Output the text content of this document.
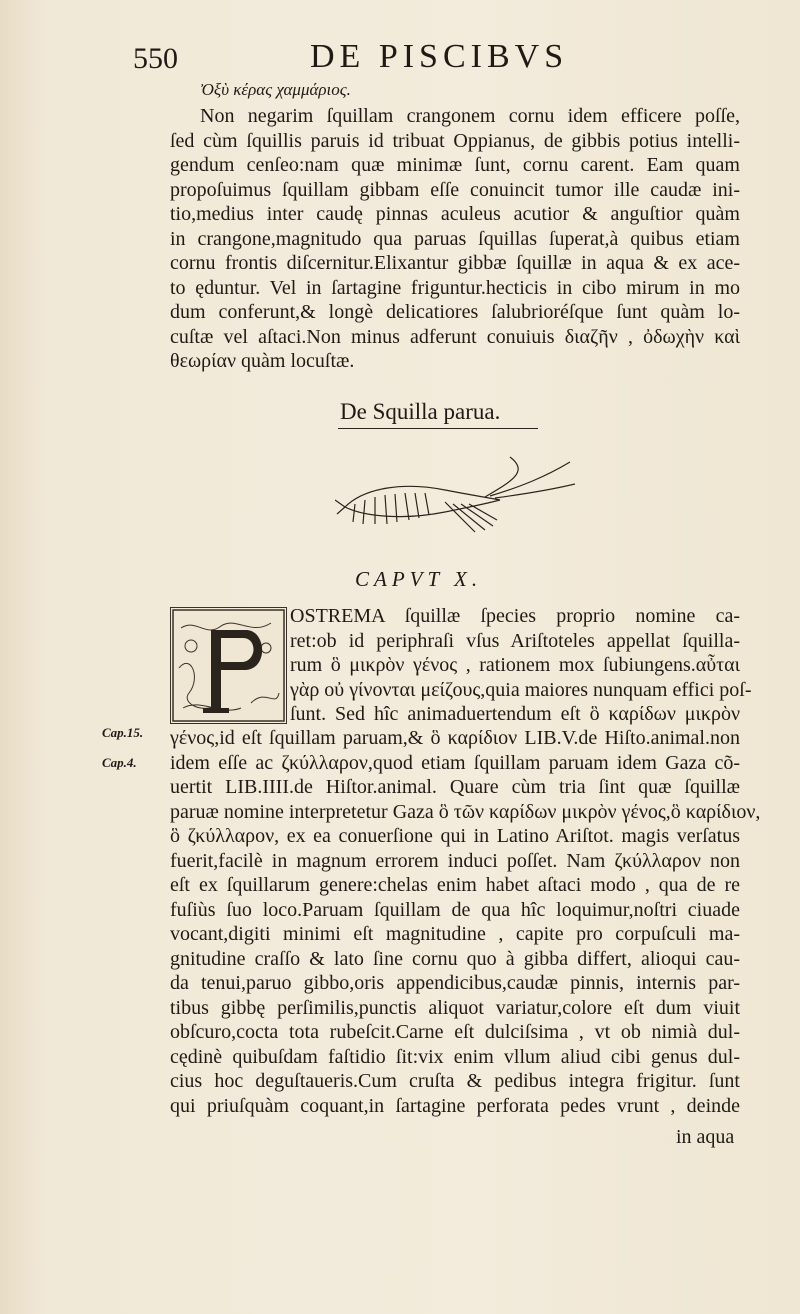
550	DE PISCIBVS
Ὀξὺ κέρας χαμμάριος.
Non negarim ſquillam crangonem cornu idem efficere poſſe,
ſed cùm ſquillis paruis id tribuat Oppianus, de gibbis potius intelli-
gendum cenſeo:nam quæ minimæ ſunt, cornu carent. Eam quam
propoſuimus ſquillam gibbam eſſe conuincit tumor ille caudæ ini-
tio,medius inter caudę pinnas aculeus acutior & anguſtior quàm
in crangone,magnitudo qua paruas ſquillas ſuperat,à quibus etiam
cornu frontis diſcernitur.Elixantur gibbæ ſquillæ in aqua & ex ace-
to ęduntur. Vel in ſartagine friguntur.hecticis in cibo mirum in mo
dum conferunt,& longè delicatiores ſalubrioréſque ſunt quàm lo-
cuſtæ vel aſtaci.Non minus adferunt conuiuis διαζῆν , ὀδωχὴν καὶ
θεωρίαν quàm locuſtæ.
De Squilla parua.
CAPVT X.
OSTREMA ſquillæ ſpecies proprio nomine ca-
ret:ob id periphraſi vſus Ariſtoteles appellat ſquilla-
rum ὃ μικρὸν γένος , rationem mox ſubiungens.αὖται
γὰρ οὐ γίνονται μείζους,quia maiores nunquam effici poſ-
ſunt. Sed hîc animaduertendum eſt ὃ καρίδων μικρὸν
Cap.15.
Cap.4.
γένος,id eſt ſquillam paruam,& ὃ καρίδιον LIB.V.de Hiſto.animal.non
idem eſſe ac ζκύλλαρον,quod etiam ſquillam paruam idem Gaza cõ-
uertit LIB.IIII.de Hiſtor.animal. Quare cùm tria ſint quæ ſquillæ
paruæ nomine interpretetur Gaza ὃ τῶν καρίδων μικρὸν γένος,ὃ καρίδιον,
ὃ ζκύλλαρον, ex ea conuerſione qui in Latino Ariſtot. magis verſatus
fuerit,facilè in magnum errorem induci poſſet. Nam ζκύλλαρον non
eſt ex ſquillarum genere:chelas enim habet aſtaci modo , qua de re
fuſiùs ſuo loco.Paruam ſquillam de qua hîc loquimur,noſtri ciuade
vocant,digiti minimi eſt magnitudine , capite pro corpuſculi ma-
gnitudine craſſo & lato ſine cornu quo à gibba differt, alioqui cau-
da tenui,paruo gibbo,oris appendicibus,caudæ pinnis, internis par-
tibus gibbę perſimilis,punctis aliquot variatur,colore eſt dum viuit
obſcuro,cocta tota rubeſcit.Carne eſt dulciſsima , vt ob nimià dul-
cędinè quibuſdam faſtidio ſit:vix enim vllum aliud cibi genus dul-
cius hoc deguſtaueris.Cum cruſta & pedibus integra frigitur. ſunt
qui priuſquàm coquant,in ſartagine perforata pedes vrunt , deinde
in aqua
